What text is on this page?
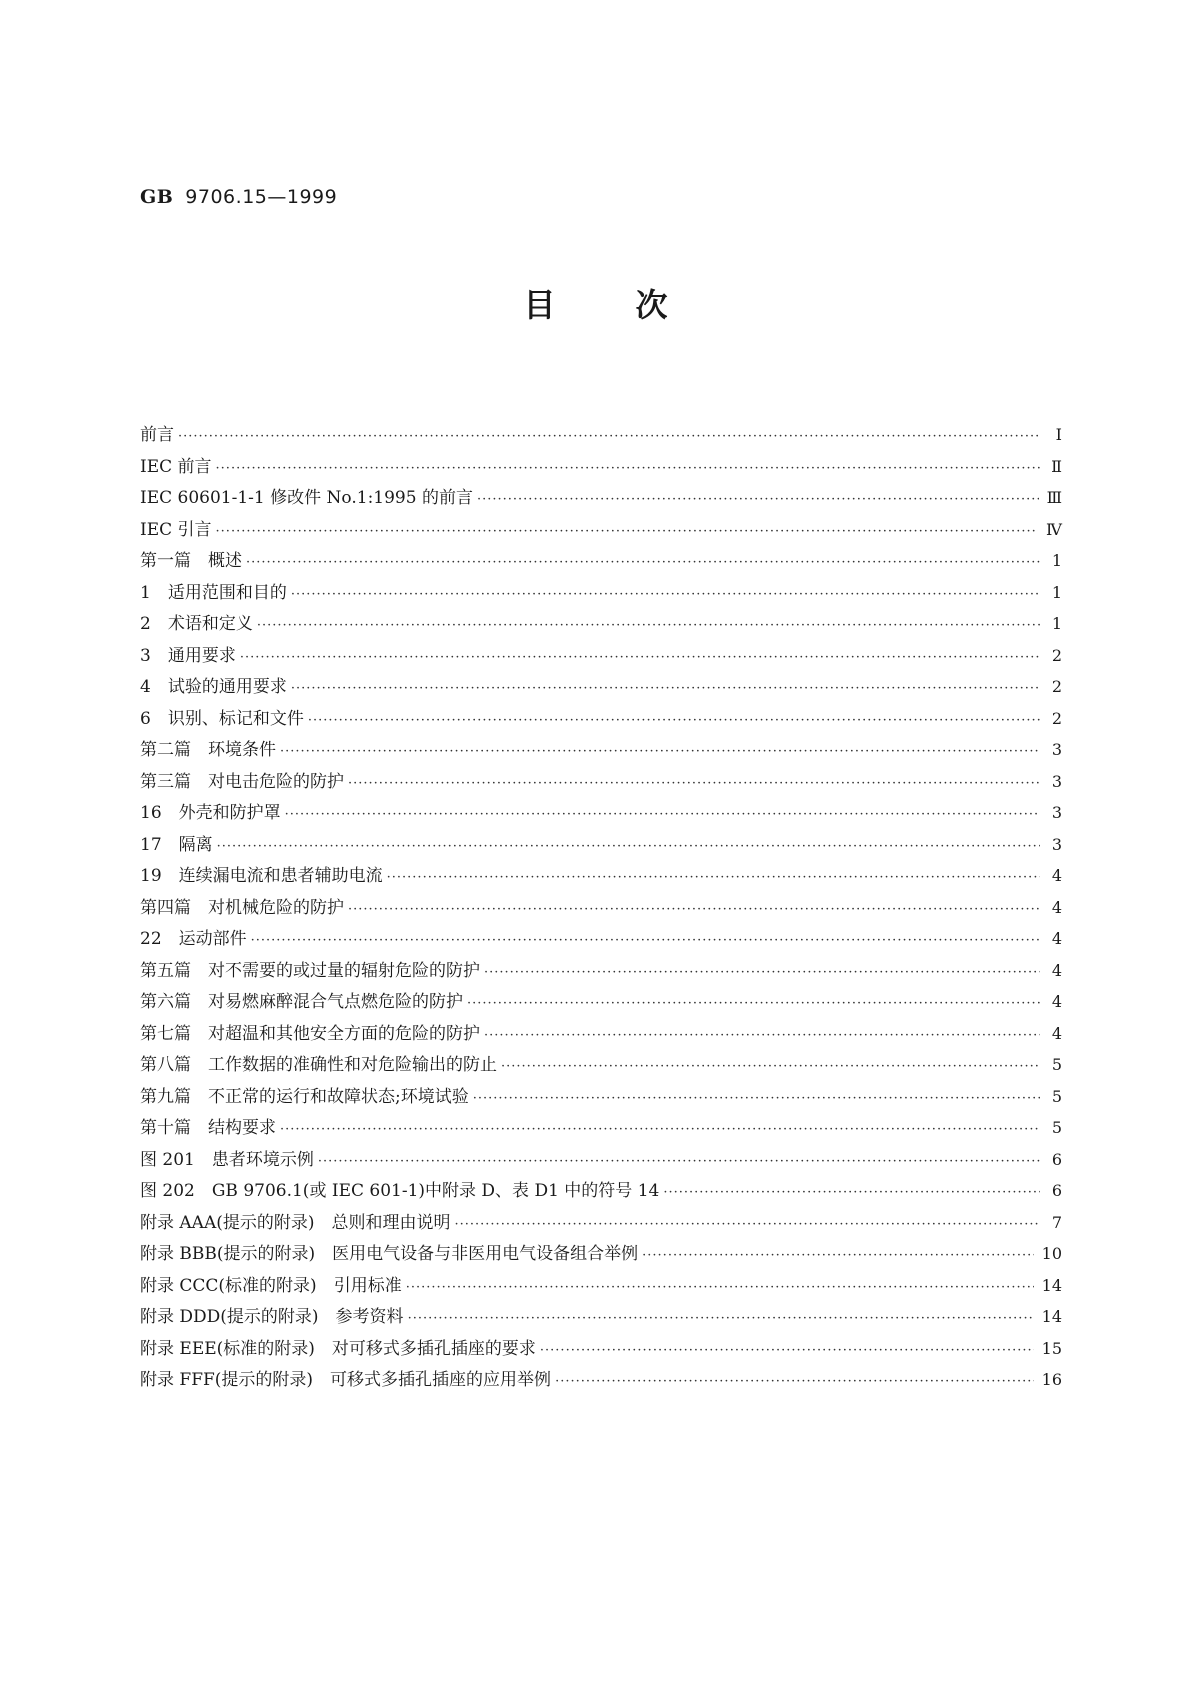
GB 9706.15—1999
目次
前言 ·····	Ⅰ
IEC 前言 ·····	Ⅱ
IEC 60601-1-1 修改件 No.1:1995 的前言 ·····	Ⅲ
IEC 引言 ·····	Ⅳ
第一篇　概述 ·····	1
1　适用范围和目的 ·····	1
2　术语和定义 ·····	1
3　通用要求 ·····	2
4　试验的通用要求 ·····	2
6　识别、标记和文件 ·····	2
第二篇　环境条件 ·····	3
第三篇　对电击危险的防护 ·····	3
16　外壳和防护罩 ·····	3
17　隔离 ·····	3
19　连续漏电流和患者辅助电流 ·····	4
第四篇　对机械危险的防护 ·····	4
22　运动部件 ·····	4
第五篇　对不需要的或过量的辐射危险的防护 ·····	4
第六篇　对易燃麻醉混合气点燃危险的防护 ·····	4
第七篇　对超温和其他安全方面的危险的防护 ·····	4
第八篇　工作数据的准确性和对危险输出的防止 ·····	5
第九篇　不正常的运行和故障状态;环境试验 ·····	5
第十篇　结构要求 ·····	5
图 201　患者环境示例 ·····	6
图 202　GB 9706.1(或 IEC 601-1)中附录 D、表 D1 中的符号 14 ·····	6
附录 AAA(提示的附录)　总则和理由说明 ·····	7
附录 BBB(提示的附录)　医用电气设备与非医用电气设备组合举例 ·····	10
附录 CCC(标准的附录)　引用标准 ·····	14
附录 DDD(提示的附录)　参考资料 ·····	14
附录 EEE(标准的附录)　对可移式多插孔插座的要求 ·····	15
附录 FFF(提示的附录)　可移式多插孔插座的应用举例 ·····	16
